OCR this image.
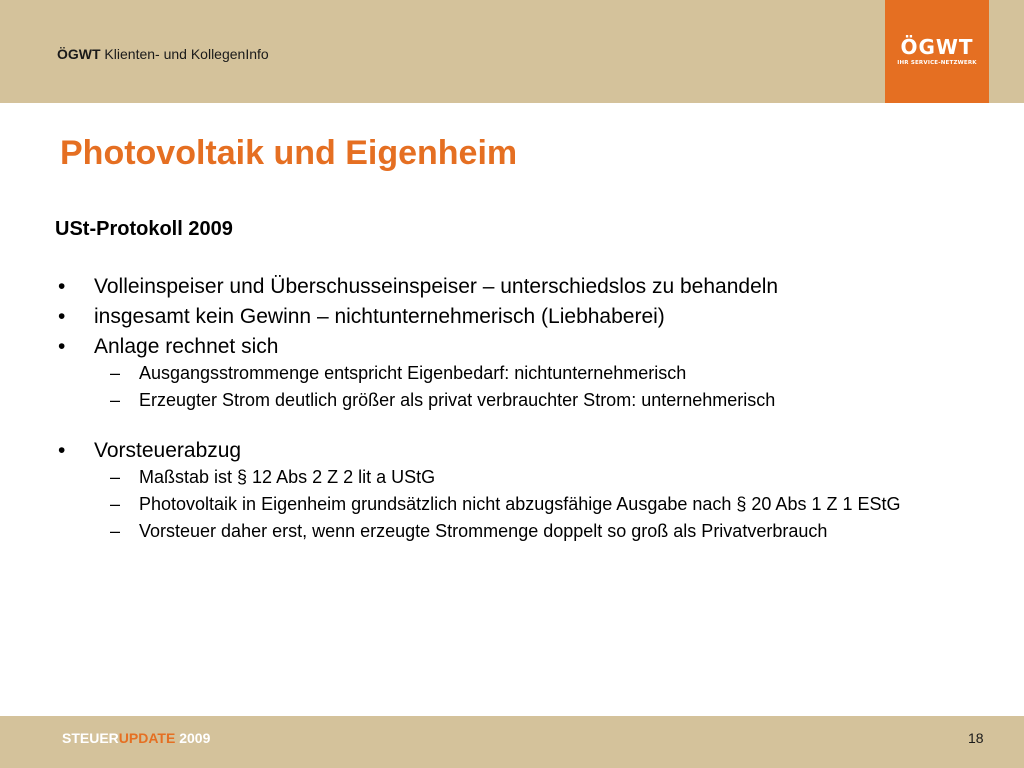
ÖGWT Klienten- und KollegenInfo	ÖGWT
IHR SERVICE-NETZWERK
Photovoltaik und Eigenheim
USt-Protokoll 2009
• Volleinspeiser und Überschusseinspeiser – unterschiedslos zu behandeln
• insgesamt kein Gewinn – nichtunternehmerisch (Liebhaberei)
• Anlage rechnet sich
– Ausgangsstrommenge entspricht Eigenbedarf: nichtunternehmerisch
– Erzeugter Strom deutlich größer als privat verbrauchter Strom: unternehmerisch
• Vorsteuerabzug
– Maßstab ist § 12 Abs 2 Z 2 lit a UStG
– Photovoltaik in Eigenheim grundsätzlich nicht abzugsfähige Ausgabe nach § 20 Abs 1 Z 1 EStG
– Vorsteuer daher erst, wenn erzeugte Strommenge doppelt so groß als Privatverbrauch
STEUERUPDATE 2009	18
